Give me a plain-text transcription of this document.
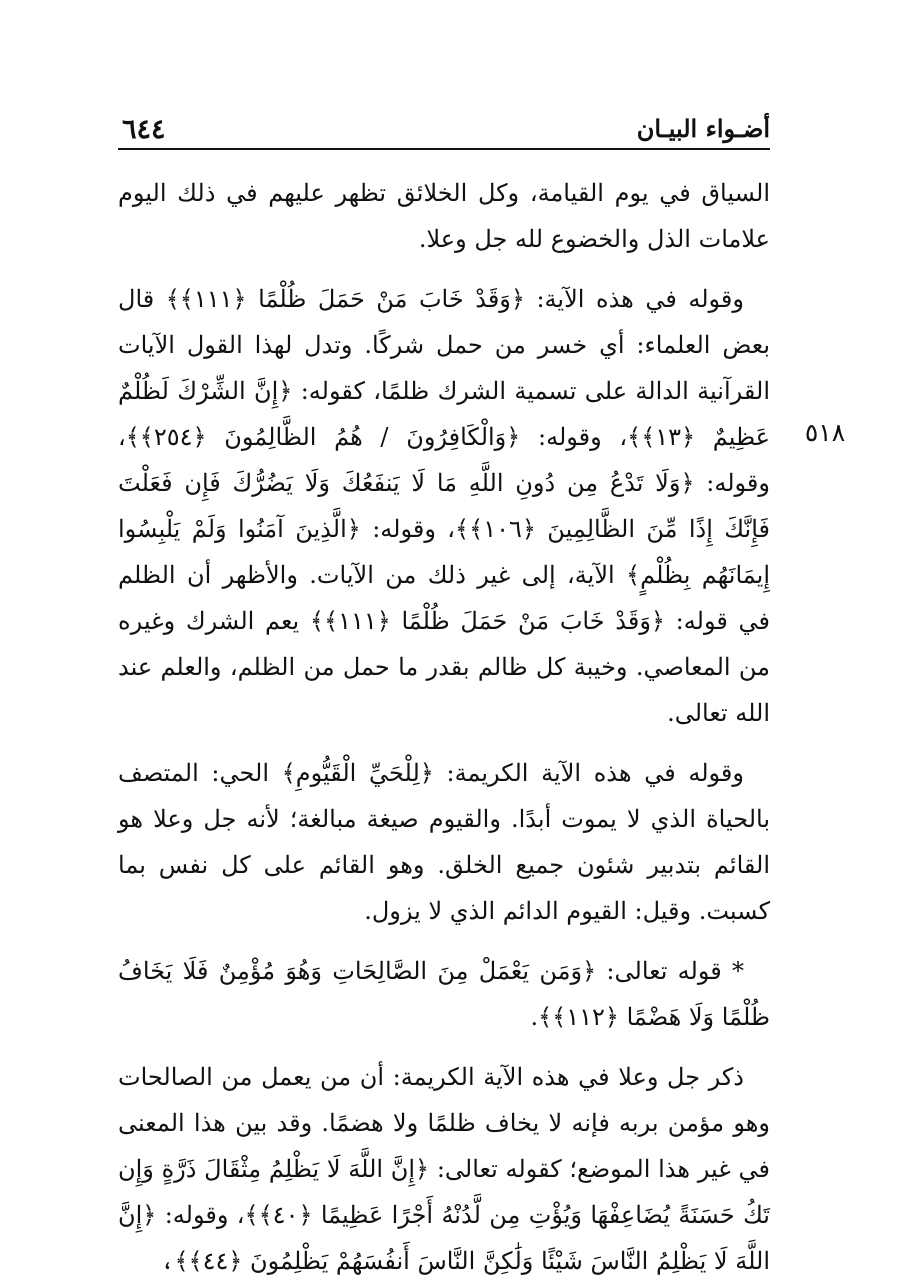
٦٤٤	أضـواء البيـان
٥١٨

السياق في يوم القيامة، وكل الخلائق تظهر عليهم في ذلك اليوم علامات الذل والخضوع لله جل وعلا.

وقوله في هذه الآية: ﴿وَقَدْ خَابَ مَنْ حَمَلَ ظُلْمًا ﴿١١١﴾﴾ قال بعض العلماء: أي خسر من حمل شركًا. وتدل لهذا القول الآيات القرآنية الدالة على تسمية الشرك ظلمًا، كقوله: ﴿إِنَّ الشِّرْكَ لَظُلْمٌ عَظِيمٌ ﴿١٣﴾﴾، وقوله: ﴿وَالْكَافِرُونَ / هُمُ الظَّالِمُونَ ﴿٢٥٤﴾﴾، وقوله: ﴿وَلَا تَدْعُ مِن دُونِ اللَّهِ مَا لَا يَنفَعُكَ وَلَا يَضُرُّكَ فَإِن فَعَلْتَ فَإِنَّكَ إِذًا مِّنَ الظَّالِمِينَ ﴿١٠٦﴾﴾، وقوله: ﴿الَّذِينَ آمَنُوا وَلَمْ يَلْبِسُوا إِيمَانَهُم بِظُلْمٍ﴾ الآية، إلى غير ذلك من الآيات. والأظهر أن الظلم في قوله: ﴿وَقَدْ خَابَ مَنْ حَمَلَ ظُلْمًا ﴿١١١﴾﴾ يعم الشرك وغيره من المعاصي. وخيبة كل ظالم بقدر ما حمل من الظلم، والعلم عند الله تعالى.

وقوله في هذه الآية الكريمة: ﴿لِلْحَيِّ الْقَيُّومِ﴾ الحي: المتصف بالحياة الذي لا يموت أبدًا. والقيوم صيغة مبالغة؛ لأنه جل وعلا هو القائم بتدبير شئون جميع الخلق. وهو القائم على كل نفس بما كسبت. وقيل: القيوم الدائم الذي لا يزول.

* قوله تعالى: ﴿وَمَن يَعْمَلْ مِنَ الصَّالِحَاتِ وَهُوَ مُؤْمِنٌ فَلَا يَخَافُ ظُلْمًا وَلَا هَضْمًا ﴿١١٢﴾﴾.

ذكر جل وعلا في هذه الآية الكريمة: أن من يعمل من الصالحات وهو مؤمن بربه فإنه لا يخاف ظلمًا ولا هضمًا. وقد بين هذا المعنى في غير هذا الموضع؛ كقوله تعالى: ﴿إِنَّ اللَّهَ لَا يَظْلِمُ مِثْقَالَ ذَرَّةٍ وَإِن تَكُ حَسَنَةً يُضَاعِفْهَا وَيُؤْتِ مِن لَّدُنْهُ أَجْرًا عَظِيمًا ﴿٤٠﴾﴾، وقوله: ﴿إِنَّ اللَّهَ لَا يَظْلِمُ النَّاسَ شَيْئًا وَلَٰكِنَّ النَّاسَ أَنفُسَهُمْ يَظْلِمُونَ ﴿٤٤﴾﴾،
